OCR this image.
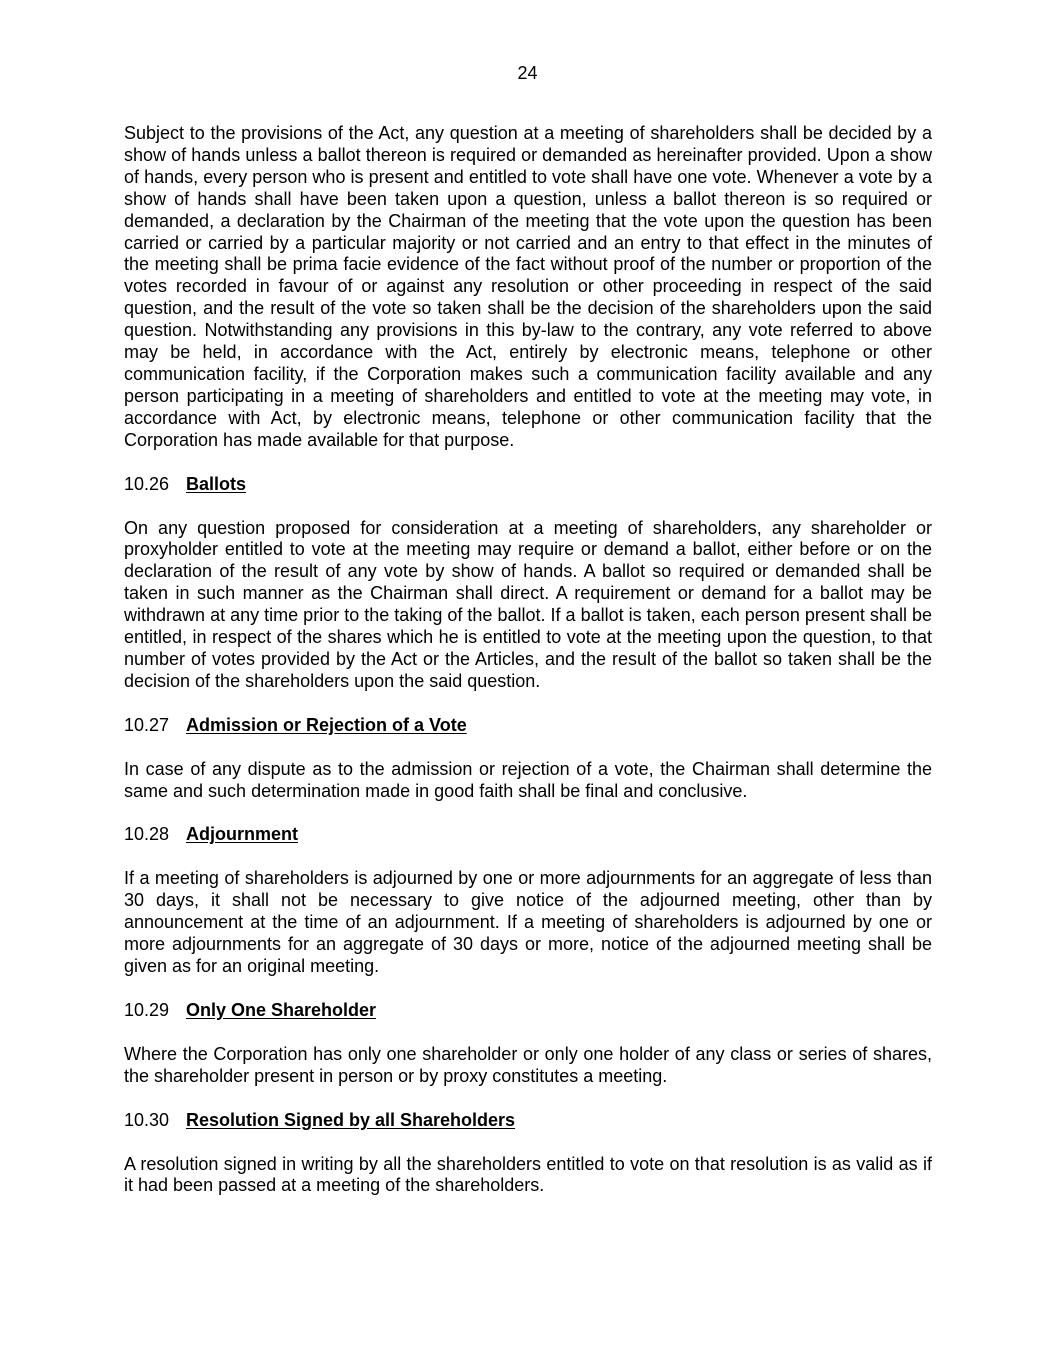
24

Subject to the provisions of the Act, any question at a meeting of shareholders shall be decided by a show of hands unless a ballot thereon is required or demanded as hereinafter provided. Upon a show of hands, every person who is present and entitled to vote shall have one vote. Whenever a vote by a show of hands shall have been taken upon a question, unless a ballot thereon is so required or demanded, a declaration by the Chairman of the meeting that the vote upon the question has been carried or carried by a particular majority or not carried and an entry to that effect in the minutes of the meeting shall be prima facie evidence of the fact without proof of the number or proportion of the votes recorded in favour of or against any resolution or other proceeding in respect of the said question, and the result of the vote so taken shall be the decision of the shareholders upon the said question. Notwithstanding any provisions in this by-law to the contrary, any vote referred to above may be held, in accordance with the Act, entirely by electronic means, telephone or other communication facility, if the Corporation makes such a communication facility available and any person participating in a meeting of shareholders and entitled to vote at the meeting may vote, in accordance with Act, by electronic means, telephone or other communication facility that the Corporation has made available for that purpose.

10.26 Ballots

On any question proposed for consideration at a meeting of shareholders, any shareholder or proxyholder entitled to vote at the meeting may require or demand a ballot, either before or on the declaration of the result of any vote by show of hands. A ballot so required or demanded shall be taken in such manner as the Chairman shall direct. A requirement or demand for a ballot may be withdrawn at any time prior to the taking of the ballot. If a ballot is taken, each person present shall be entitled, in respect of the shares which he is entitled to vote at the meeting upon the question, to that number of votes provided by the Act or the Articles, and the result of the ballot so taken shall be the decision of the shareholders upon the said question.

10.27 Admission or Rejection of a Vote

In case of any dispute as to the admission or rejection of a vote, the Chairman shall determine the same and such determination made in good faith shall be final and conclusive.

10.28 Adjournment

If a meeting of shareholders is adjourned by one or more adjournments for an aggregate of less than 30 days, it shall not be necessary to give notice of the adjourned meeting, other than by announcement at the time of an adjournment. If a meeting of shareholders is adjourned by one or more adjournments for an aggregate of 30 days or more, notice of the adjourned meeting shall be given as for an original meeting.

10.29 Only One Shareholder

Where the Corporation has only one shareholder or only one holder of any class or series of shares, the shareholder present in person or by proxy constitutes a meeting.

10.30 Resolution Signed by all Shareholders

A resolution signed in writing by all the shareholders entitled to vote on that resolution is as valid as if it had been passed at a meeting of the shareholders.
